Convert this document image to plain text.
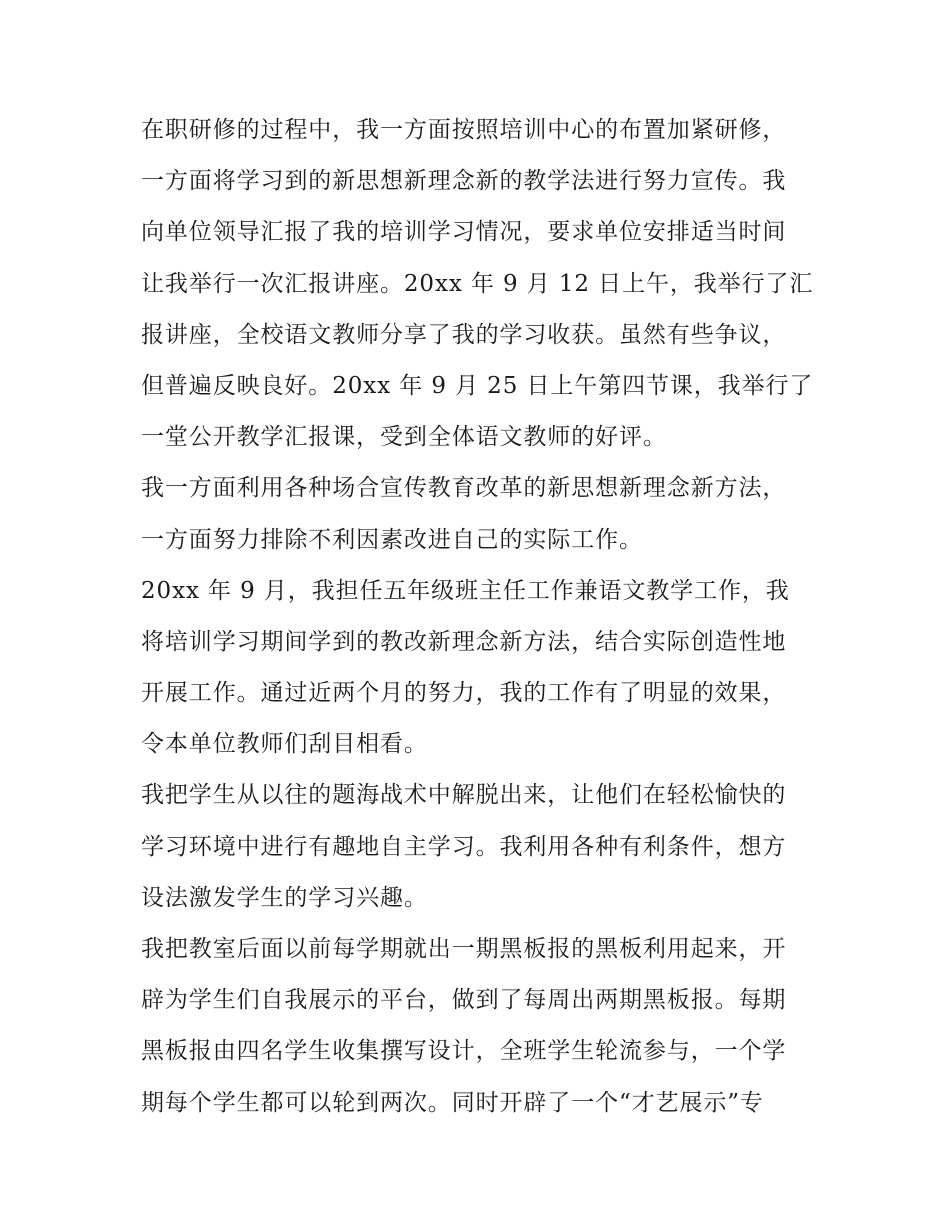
在职研修的过程中，我一方面按照培训中心的布置加紧研修，
一方面将学习到的新思想新理念新的教学法进行努力宣传。我
向单位领导汇报了我的培训学习情况，要求单位安排适当时间
让我举行一次汇报讲座。20xx 年 9 月 12 日上午，我举行了汇
报讲座，全校语文教师分享了我的学习收获。虽然有些争议，
但普遍反映良好。20xx 年 9 月 25 日上午第四节课，我举行了
一堂公开教学汇报课，受到全体语文教师的好评。
我一方面利用各种场合宣传教育改革的新思想新理念新方法，
一方面努力排除不利因素改进自己的实际工作。
20xx 年 9 月，我担任五年级班主任工作兼语文教学工作，我
将培训学习期间学到的教改新理念新方法，结合实际创造性地
开展工作。通过近两个月的努力，我的工作有了明显的效果，
令本单位教师们刮目相看。
我把学生从以往的题海战术中解脱出来，让他们在轻松愉快的
学习环境中进行有趣地自主学习。我利用各种有利条件，想方
设法激发学生的学习兴趣。
我把教室后面以前每学期就出一期黑板报的黑板利用起来，开
辟为学生们自我展示的平台，做到了每周出两期黑板报。每期
黑板报由四名学生收集撰写设计，全班学生轮流参与，一个学
期每个学生都可以轮到两次。同时开辟了一个“才艺展示”专
